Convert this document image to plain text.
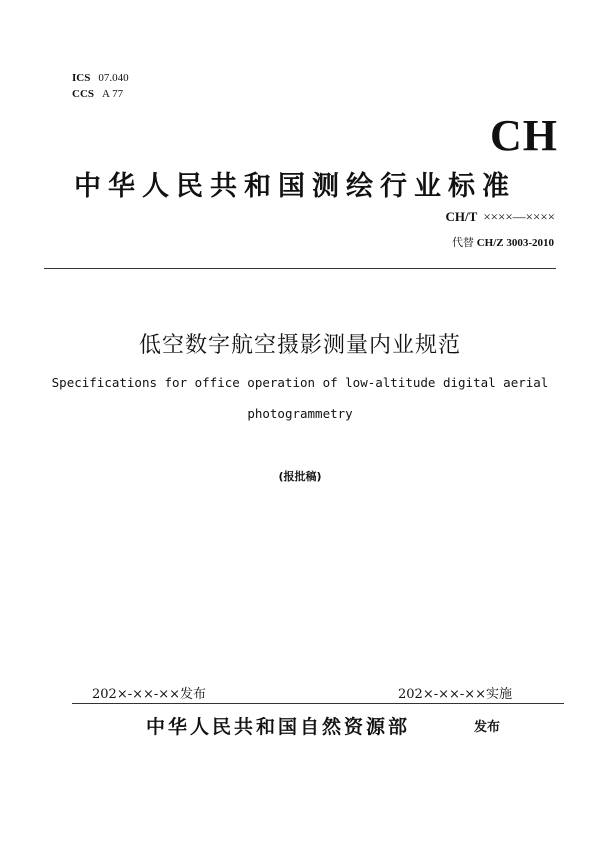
ICS 07.040
CCS A 77
CH
中华人民共和国测绘行业标准
CH/T ××××—××××
代替 CH/Z 3003-2010
低空数字航空摄影测量内业规范
Specifications for office operation of low-altitude digital aerial
photogrammetry
(报批稿)
202×-××-××发布	202×-××-××实施
中华人民共和国自然资源部	发布
